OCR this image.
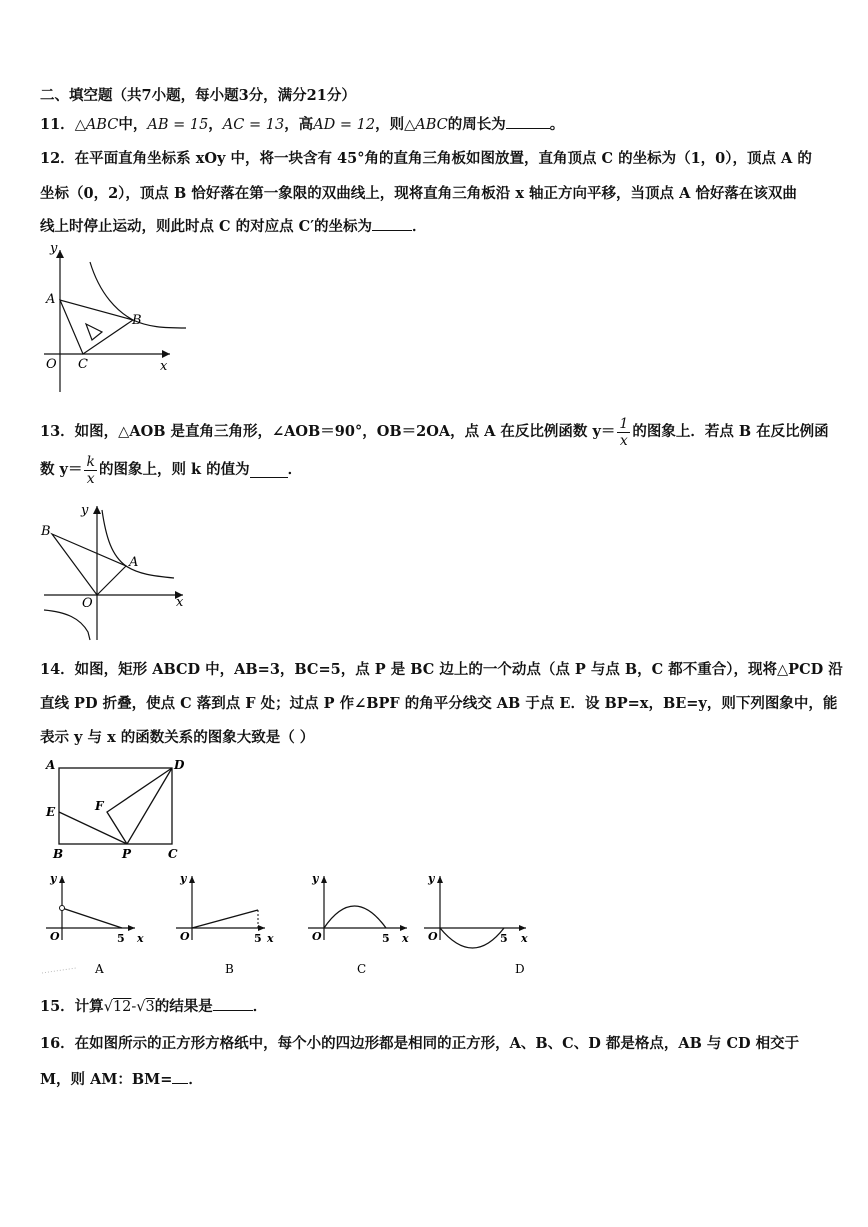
二、填空题（共7小题，每小题3分，满分21分）
11．△ABC中，AB = 15，AC = 13，高AD = 12，则△ABC的周长为	。
12．在平面直角坐标系 xOy 中，将一块含有 45°角的直角三角板如图放置，直角顶点 C 的坐标为（1，0），顶点 A 的
坐标（0，2），顶点 B 恰好落在第一象限的双曲线上，现将直角三角板沿 x 轴正方向平移，当顶点 A 恰好落在该双曲
线上时停止运动，则此时点 C 的对应点 C′的坐标为	．
y
x
O
A
B
C
13．如图，△AOB 是直角三角形，∠AOB＝90°，OB＝2OA，点 A 在反比例函数 $y= \frac{1}{x}$ 的图象上．若点 B 在反比例函
数 $y= \frac{k}{x}$ 的图象上，则 k 的值为	．
y
x
O
A
B
14．如图，矩形 ABCD 中，AB=3，BC=5，点 P 是 BC 边上的一个动点（点 P 与点 B，C 都不重合），现将△PCD 沿
直线 PD 折叠，使点 C 落到点 F 处；过点 P 作∠BPF 的角平分线交 AB 于点 E．设 BP=x，BE=y，则下列图象中，能
表示 y 与 x 的函数关系的图象大致是（ ）
A	D
E	F
B	P	C
y
x
O	5
A
y
x
O	5
B
y
x
O	5
C
y
x
O	5
D
15．计算√12-√3的结果是	．
16．在如图所示的正方形方格纸中，每个小的四边形都是相同的正方形，A、B、C、D 都是格点，AB 与 CD 相交于
M，则 AM：BM= ．
